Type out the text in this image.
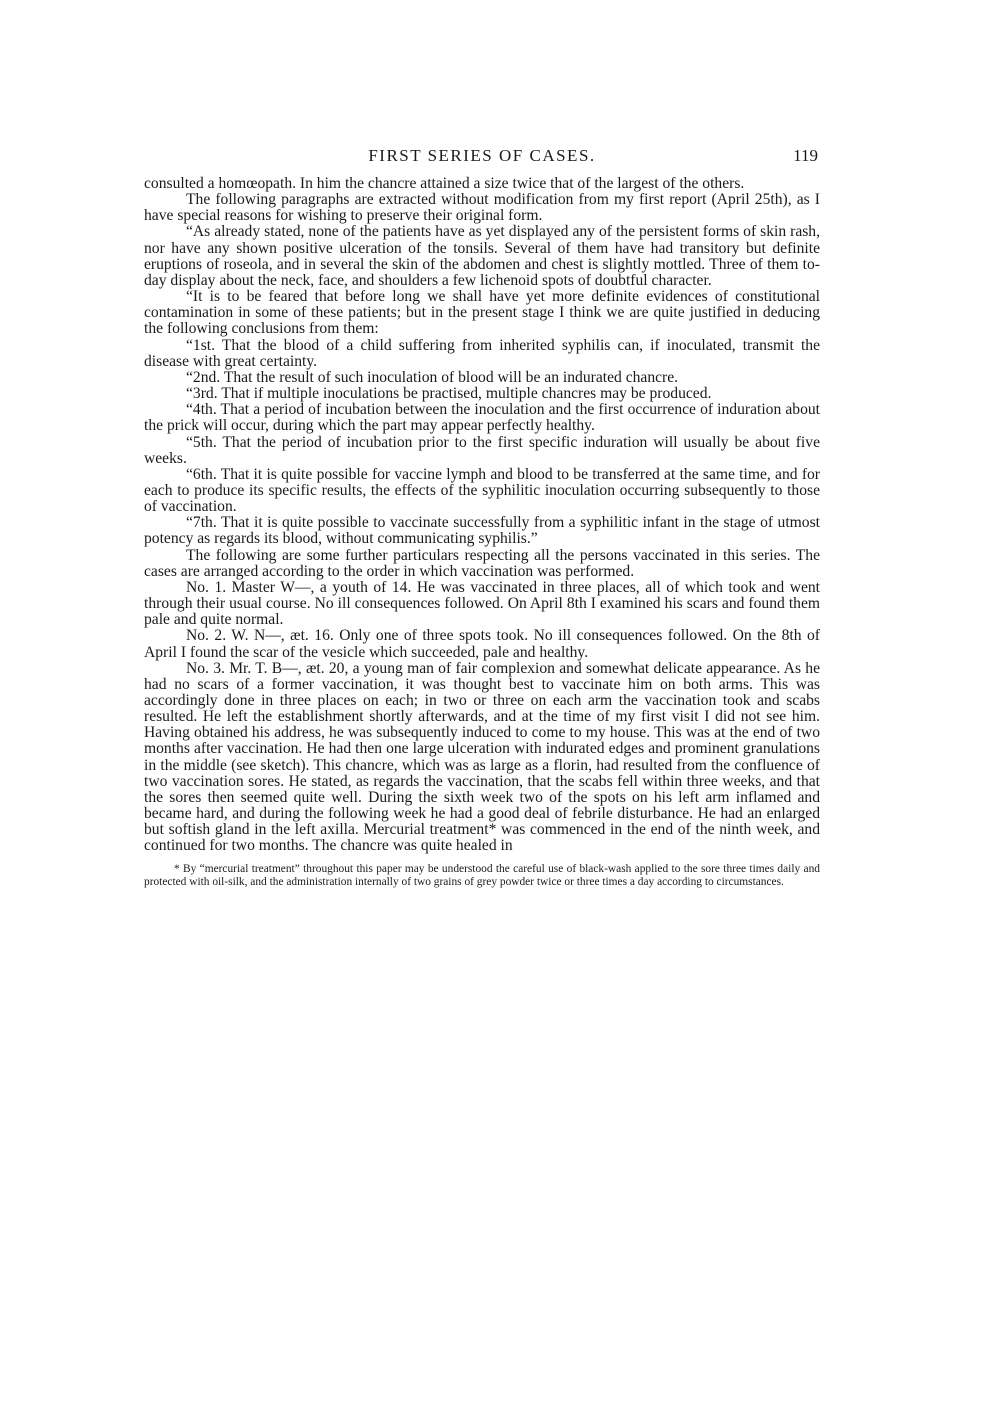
FIRST SERIES OF CASES.	119

consulted a homœopath. In him the chancre attained a size twice that of the largest of the others.

The following paragraphs are extracted without modification from my first report (April 25th), as I have special reasons for wishing to preserve their original form.

“As already stated, none of the patients have as yet displayed any of the persistent forms of skin rash, nor have any shown positive ulceration of the tonsils. Several of them have had transitory but definite eruptions of roseola, and in several the skin of the abdomen and chest is slightly mottled. Three of them to-day display about the neck, face, and shoulders a few lichenoid spots of doubtful character.

“It is to be feared that before long we shall have yet more definite evidences of constitutional contamination in some of these patients; but in the present stage I think we are quite justified in deducing the following conclusions from them:

“1st. That the blood of a child suffering from inherited syphilis can, if inoculated, transmit the disease with great certainty.

“2nd. That the result of such inoculation of blood will be an indurated chancre.

“3rd. That if multiple inoculations be practised, multiple chancres may be produced.

“4th. That a period of incubation between the inoculation and the first occurrence of induration about the prick will occur, during which the part may appear perfectly healthy.

“5th. That the period of incubation prior to the first specific induration will usually be about five weeks.

“6th. That it is quite possible for vaccine lymph and blood to be transferred at the same time, and for each to produce its specific results, the effects of the syphilitic inoculation occurring subsequently to those of vaccination.

“7th. That it is quite possible to vaccinate successfully from a syphilitic infant in the stage of utmost potency as regards its blood, without communicating syphilis.”

The following are some further particulars respecting all the persons vaccinated in this series. The cases are arranged according to the order in which vaccination was performed.

No. 1. Master W—, a youth of 14. He was vaccinated in three places, all of which took and went through their usual course. No ill consequences followed. On April 8th I examined his scars and found them pale and quite normal.

No. 2. W. N—, æt. 16. Only one of three spots took. No ill consequences followed. On the 8th of April I found the scar of the vesicle which succeeded, pale and healthy.

No. 3. Mr. T. B—, æt. 20, a young man of fair complexion and somewhat delicate appearance. As he had no scars of a former vaccination, it was thought best to vaccinate him on both arms. This was accordingly done in three places on each; in two or three on each arm the vaccination took and scabs resulted. He left the establishment shortly afterwards, and at the time of my first visit I did not see him. Having obtained his address, he was subsequently induced to come to my house. This was at the end of two months after vaccination. He had then one large ulceration with indurated edges and prominent granulations in the middle (see sketch). This chancre, which was as large as a florin, had resulted from the confluence of two vaccination sores. He stated, as regards the vaccination, that the scabs fell within three weeks, and that the sores then seemed quite well. During the sixth week two of the spots on his left arm inflamed and became hard, and during the following week he had a good deal of febrile disturbance. He had an enlarged but softish gland in the left axilla. Mercurial treatment* was commenced in the end of the ninth week, and continued for two months. The chancre was quite healed in

* By “mercurial treatment” throughout this paper may be understood the careful use of black-wash applied to the sore three times daily and protected with oil-silk, and the administration internally of two grains of grey powder twice or three times a day according to circumstances.
